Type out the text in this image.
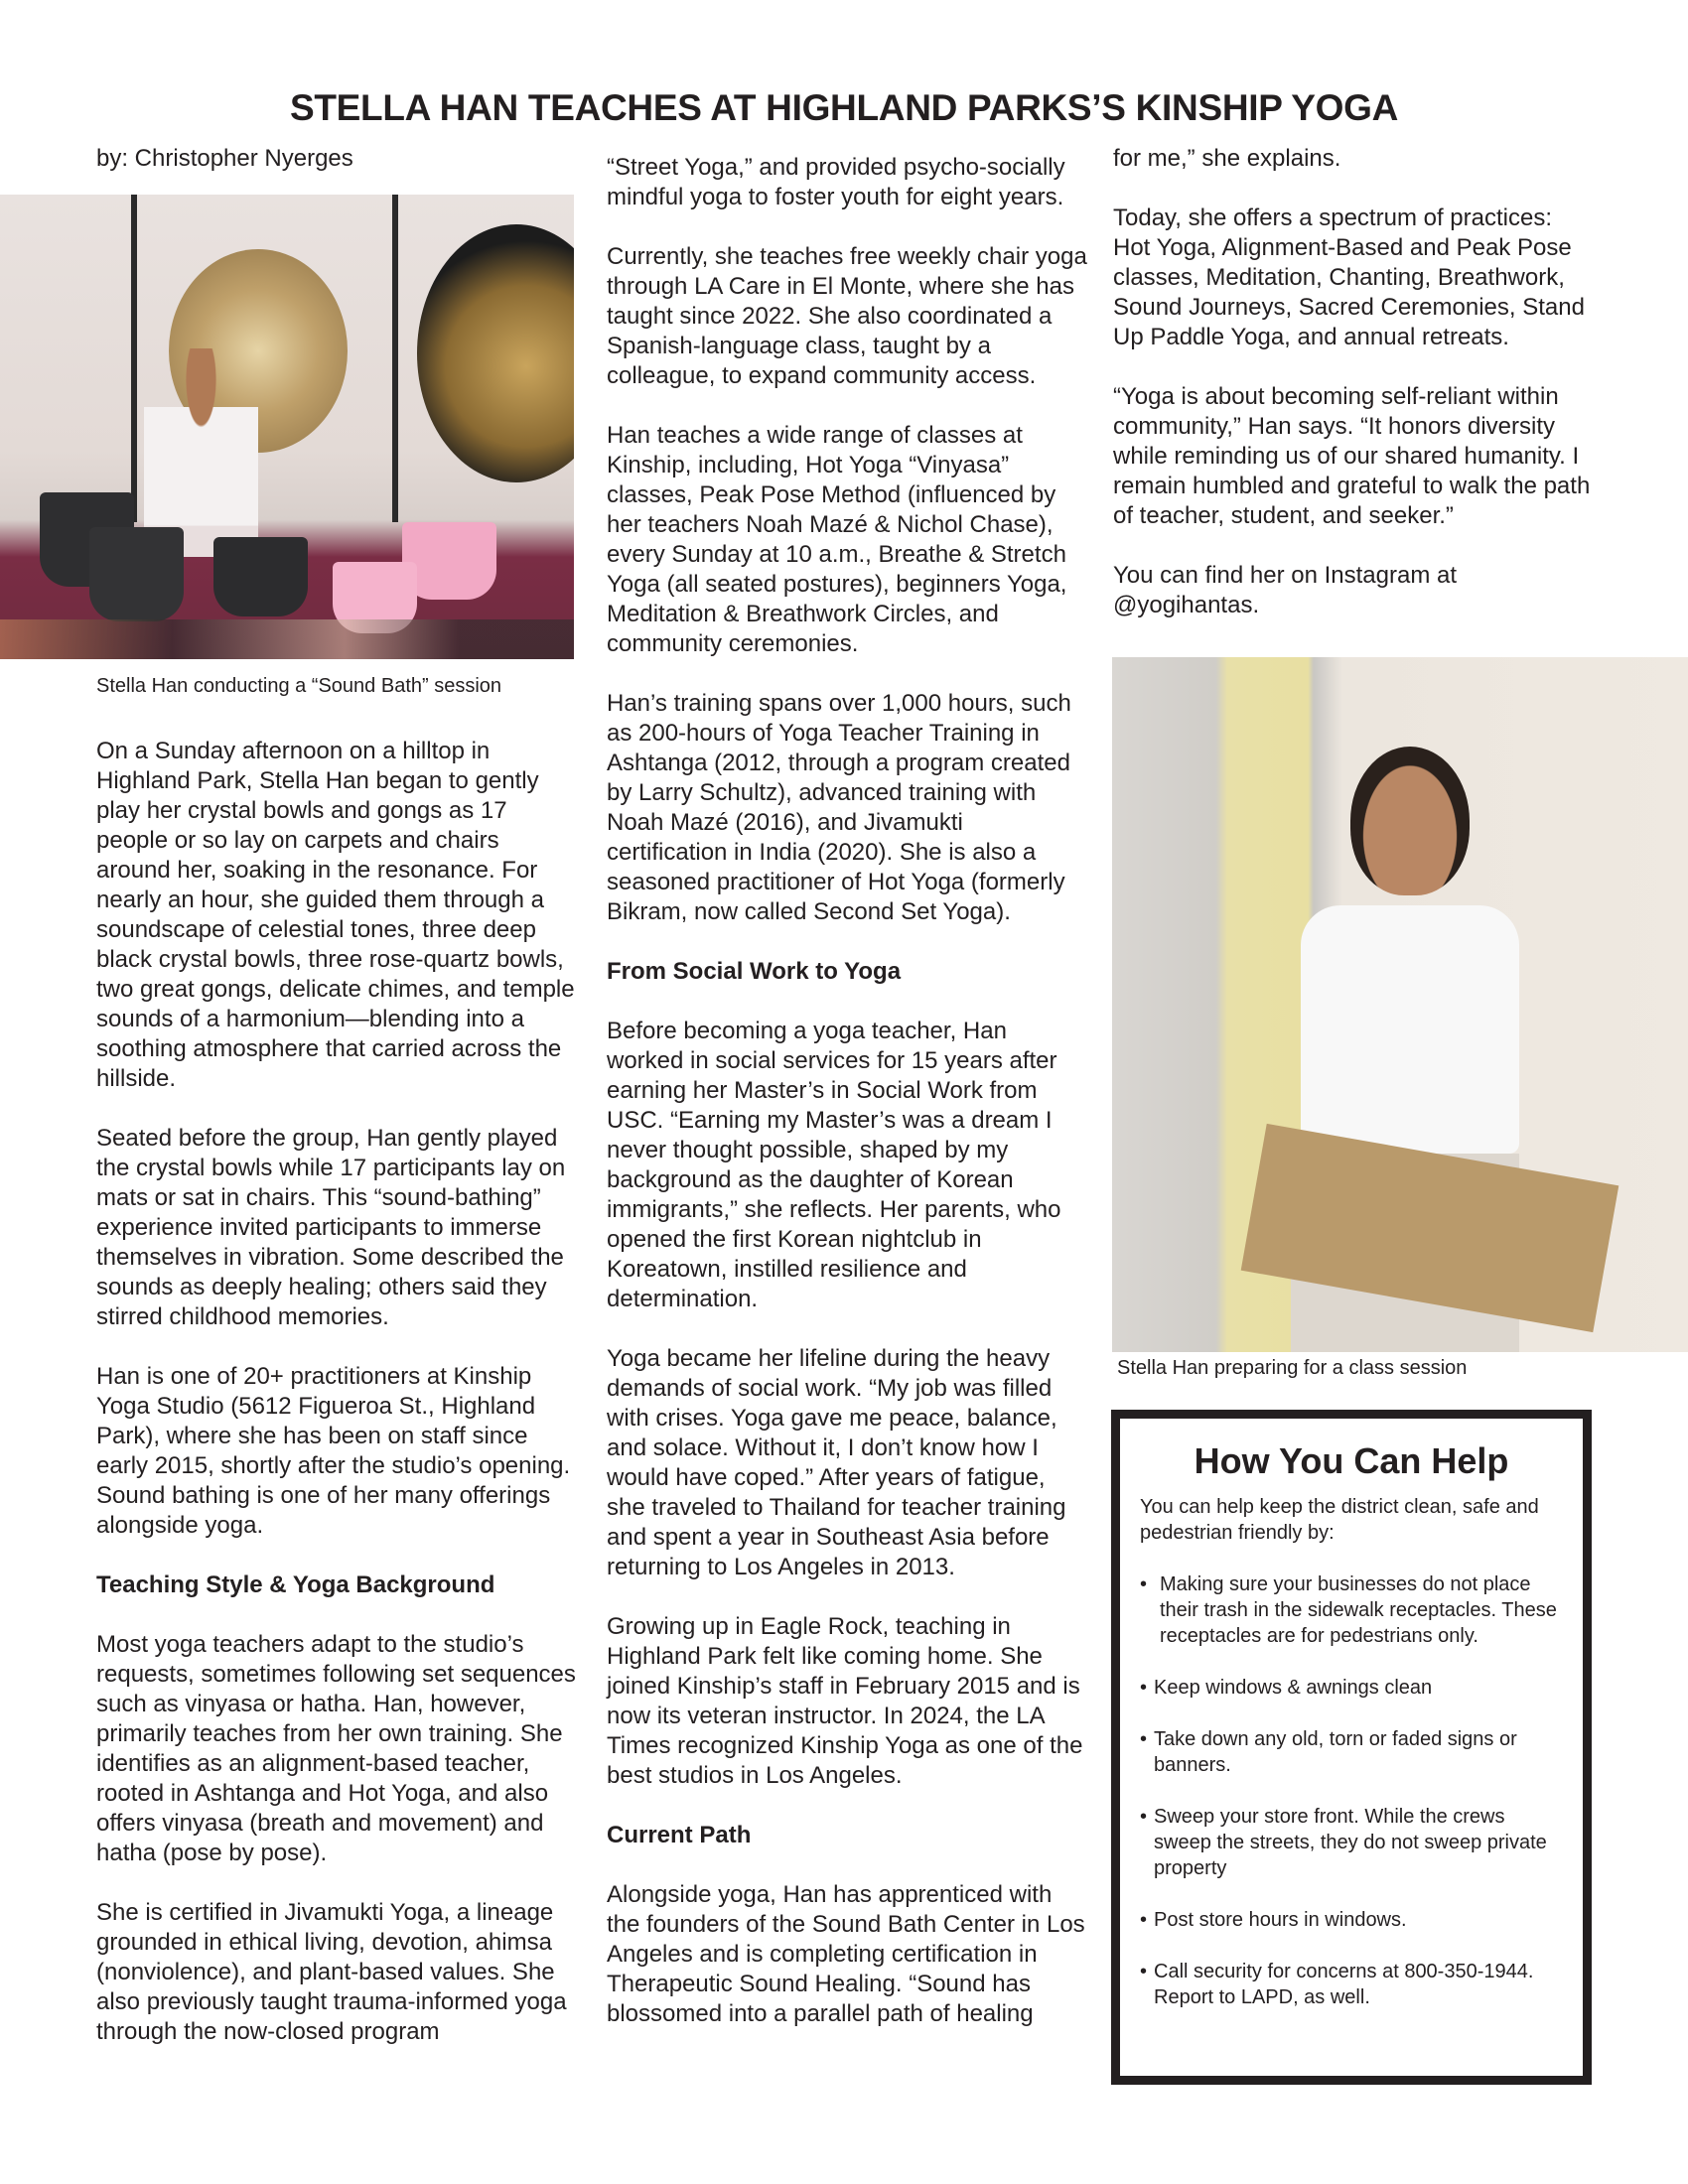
STELLA HAN TEACHES AT HIGHLAND PARKS’S KINSHIP YOGA
by: Christopher Nyerges
Stella Han conducting a “Sound Bath” session

On a Sunday afternoon on a hilltop in Highland Park, Stella Han began to gently play her crystal bowls and gongs as 17 people or so lay on carpets and chairs around her, soaking in the resonance. For nearly an hour, she guided them through a soundscape of celestial tones, three deep black crystal bowls, three rose-quartz bowls, two great gongs, delicate chimes, and temple sounds of a harmonium—blending into a soothing atmosphere that carried across the hillside.

Seated before the group, Han gently played the crystal bowls while 17 participants lay on mats or sat in chairs. This “sound-bathing” experience invited participants to immerse themselves in vibration. Some described the sounds as deeply healing; others said they stirred childhood memories.

Han is one of 20+ practitioners at Kinship Yoga Studio (5612 Figueroa St., Highland Park), where she has been on staff since early 2015, shortly after the studio’s opening. Sound bathing is one of her many offerings alongside yoga.

Teaching Style & Yoga Background

Most yoga teachers adapt to the studio’s requests, sometimes following set sequences such as vinyasa or hatha. Han, however, primarily teaches from her own training. She identifies as an alignment-based teacher, rooted in Ashtanga and Hot Yoga, and also offers vinyasa (breath and movement) and hatha (pose by pose).

She is certified in Jivamukti Yoga, a lineage grounded in ethical living, devotion, ahimsa (nonviolence), and plant-based values. She also previously taught trauma-informed yoga through the now-closed program

“Street Yoga,” and provided psycho-socially mindful yoga to foster youth for eight years.

Currently, she teaches free weekly chair yoga through LA Care in El Monte, where she has taught since 2022. She also coordinated a Spanish-language class, taught by a colleague, to expand community access.

Han teaches a wide range of classes at Kinship, including, Hot Yoga “Vinyasa” classes, Peak Pose Method (influenced by her teachers Noah Mazé & Nichol Chase), every Sunday at 10 a.m., Breathe & Stretch Yoga (all seated postures), beginners Yoga, Meditation & Breathwork Circles, and community ceremonies.

Han’s training spans over 1,000 hours, such as 200-hours of Yoga Teacher Training in Ashtanga (2012, through a program created by Larry Schultz), advanced training with Noah Mazé (2016), and Jivamukti certification in India (2020). She is also a seasoned practitioner of Hot Yoga (formerly Bikram, now called Second Set Yoga).

From Social Work to Yoga

Before becoming a yoga teacher, Han worked in social services for 15 years after earning her Master’s in Social Work from USC. “Earning my Master’s was a dream I never thought possible, shaped by my background as the daughter of Korean immigrants,” she reflects. Her parents, who opened the first Korean nightclub in Koreatown, instilled resilience and determination.

Yoga became her lifeline during the heavy demands of social work. “My job was filled with crises. Yoga gave me peace, balance, and solace. Without it, I don’t know how I would have coped.” After years of fatigue, she traveled to Thailand for teacher training and spent a year in Southeast Asia before returning to Los Angeles in 2013.

Growing up in Eagle Rock, teaching in Highland Park felt like coming home. She joined Kinship’s staff in February 2015 and is now its veteran instructor. In 2024, the LA Times recognized Kinship Yoga as one of the best studios in Los Angeles.

Current Path

Alongside yoga, Han has apprenticed with the founders of the Sound Bath Center in Los Angeles and is completing certification in Therapeutic Sound Healing. “Sound has blossomed into a parallel path of healing

for me,” she explains.

Today, she offers a spectrum of practices: Hot Yoga, Alignment-Based and Peak Pose classes, Meditation, Chanting, Breathwork, Sound Journeys, Sacred Ceremonies, Stand Up Paddle Yoga, and annual retreats.

“Yoga is about becoming self-reliant within community,” Han says. “It honors diversity while reminding us of our shared humanity. I remain humbled and grateful to walk the path of teacher, student, and seeker.”

You can find her on Instagram at @yogihantas.

Stella Han preparing for a class session
How You Can Help

You can help keep the district clean, safe and pedestrian friendly by:

• Making sure your businesses do not place their trash in the sidewalk receptacles. These receptacles are for pedestrians only.
• Keep windows & awnings clean
• Take down any old, torn or faded signs or banners.
• Sweep your store front. While the crews sweep the streets, they do not sweep private property
• Post store hours in windows.
• Call security for concerns at 800-350-1944. Report to LAPD, as well.
